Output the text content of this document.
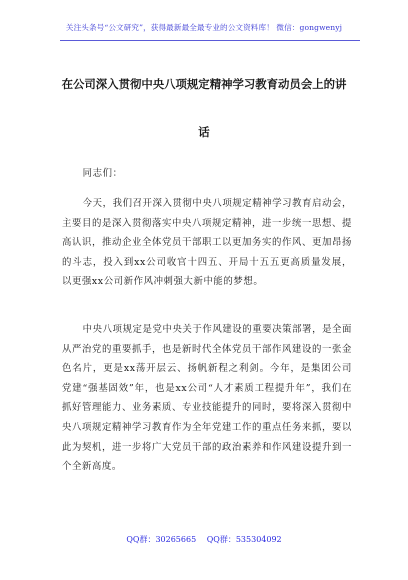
关注头条号“公文研究”，获得最新最全最专业的公文资料库！ 微信：gongwenyj
在公司深入贯彻中央八项规定精神学习教育动员会上的讲
话

同志们：

今天，我们召开深入贯彻中央八项规定精神学习教育启动会，主要目的是深入贯彻落实中央八项规定精神，进一步统一思想、提高认识，推动企业全体党员干部职工以更加务实的作风、更加昂扬的斗志，投入到xx公司收官十四五、开局十五五更高质量发展，以更强xx公司新作风冲刺强大新中能的梦想。

中央八项规定是党中央关于作风建设的重要决策部署，是全面从严治党的重要抓手，也是新时代全体党员干部作风建设的一张金色名片，更是xx荡开层云、扬帆新程之利剑。今年，是集团公司党建“强基固效”年，也是xx公司“人才素质工程提升年”，我们在抓好管理能力、业务素质、专业技能提升的同时，要将深入贯彻中央八项规定精神学习教育作为全年党建工作的重点任务来抓，要以此为契机，进一步将广大党员干部的政治素养和作风建设提升到一个全新高度。

QQ群：30265665 QQ群：535304092
